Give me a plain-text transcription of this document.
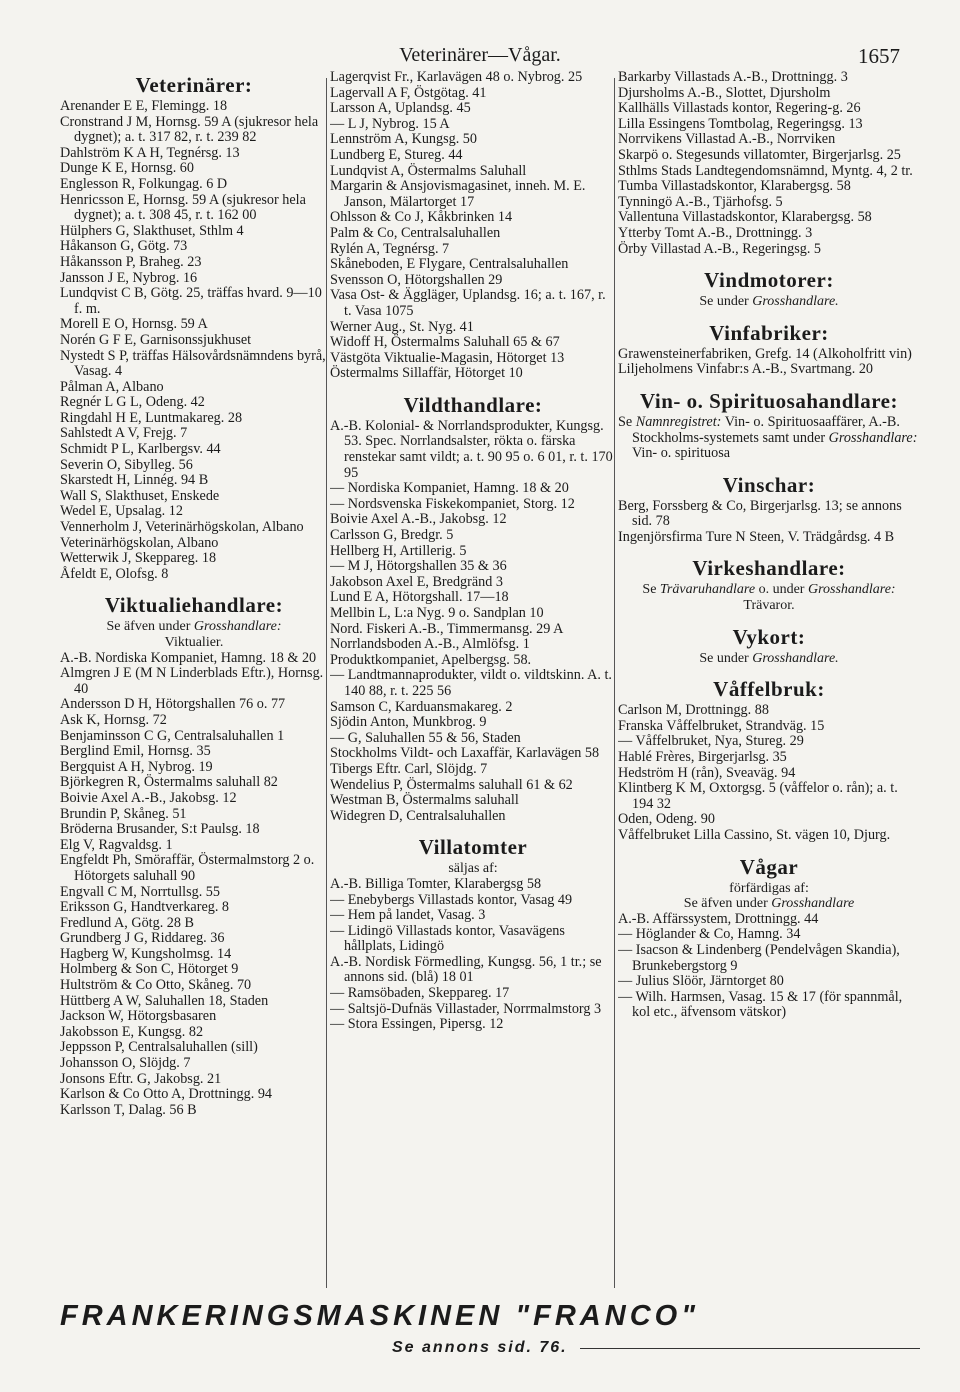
Veterinärer—Vågar.	1657
Veterinärer:
Arenander E E, Flemingg. 18
Cronstrand J M, Hornsg. 59 A (sjukresor hela dygnet); a. t. 317 82, r. t. 239 82
Dahlström K A H, Tegnérsg. 13
Dunge K E, Hornsg. 60
Englesson R, Folkungag. 6 D
Henricsson E, Hornsg. 59 A (sjukresor hela dygnet); a. t. 308 45, r. t. 162 00
Hülphers G, Slakthuset, Sthlm 4
Håkanson G, Götg. 73
Håkansson P, Braheg. 23
Jansson J E, Nybrog. 16
Lundqvist C B, Götg. 25, träffas hvard. 9—10 f. m.
Morell E O, Hornsg. 59 A
Norén G F E, Garnisonssjukhuset
Nystedt S P, träffas Hälsovårdsnämndens byrå, Vasag. 4
Pålman A, Albano
Regnér L G L, Odeng. 42
Ringdahl H E, Luntmakareg. 28
Sahlstedt A V, Frejg. 7
Schmidt P L, Karlbergsv. 44
Severin O, Sibylleg. 56
Skarstedt H, Linnég. 94 B
Wall S, Slakthuset, Enskede
Wedel E, Upsalag. 12
Vennerholm J, Veterinärhögskolan, Albano
Veterinärhögskolan, Albano
Wetterwik J, Skeppareg. 18
Åfeldt E, Olofsg. 8
Viktualiehandlare:
Se äfven under Grosshandlare:
Viktualier.
A.-B. Nordiska Kompaniet, Hamng. 18 & 20
Almgren J E (M N Linderblads Eftr.), Hornsg. 40
Andersson D H, Hötorgshallen 76 o. 77
Ask K, Hornsg. 72
Benjaminsson C G, Centralsaluhallen 1
Berglind Emil, Hornsg. 35
Bergquist A H, Nybrog. 19
Björkegren R, Östermalms saluhall 82
Boivie Axel A.-B., Jakobsg. 12
Brundin P, Skåneg. 51
Bröderna Brusander, S:t Paulsg. 18
Elg V, Ragvaldsg. 1
Engfeldt Ph, Smöraffär, Östermalmstorg 2 o. Hötorgets saluhall 90
Engvall C M, Norrtullsg. 55
Eriksson G, Handtverkareg. 8
Fredlund A, Götg. 28 B
Grundberg J G, Riddareg. 36
Hagberg W, Kungsholmsg. 14
Holmberg & Son C, Hötorget 9
Hultström & Co Otto, Skåneg. 70
Hüttberg A W, Saluhallen 18, Staden
Jackson W, Hötorgsbasaren
Jakobsson E, Kungsg. 82
Jeppsson P, Centralsaluhallen (sill)
Johansson O, Slöjdg. 7
Jonsons Eftr. G, Jakobsg. 21
Karlson & Co Otto A, Drottningg. 94
Karlsson T, Dalag. 56 B
Lagerqvist Fr., Karlavägen 48 o. Nybrog. 25
Lagervall A F, Östgötag. 41
Larsson A, Uplandsg. 45
— L J, Nybrog. 15 A
Lennström A, Kungsg. 50
Lundberg E, Stureg. 44
Lundqvist A, Östermalms Saluhall
Margarin & Ansjovismagasinet, inneh. M. E. Janson, Mälartorget 17
Ohlsson & Co J, Kåkbrinken 14
Palm & Co, Centralsaluhallen
Rylén A, Tegnérsg. 7
Skåneboden, E Flygare, Centralsaluhallen
Svensson O, Hötorgshallen 29
Vasa Ost- & Äggläger, Uplandsg. 16; a. t. 167, r. t. Vasa 1075
Werner Aug., St. Nyg. 41
Widoff H, Östermalms Saluhall 65 & 67
Västgöta Viktualie-Magasin, Hötorget 13
Östermalms Sillaffär, Hötorget 10
Vildthandlare:
A.-B. Kolonial- & Norrlandsprodukter, Kungsg. 53. Spec. Norrlandsalster, rökta o. färska renstekar samt vildt; a. t. 90 95 o. 6 01, r. t. 170 95
— Nordiska Kompaniet, Hamng. 18 & 20
— Nordsvenska Fiskekompaniet, Storg. 12
Boivie Axel A.-B., Jakobsg. 12
Carlsson G, Bredgr. 5
Hellberg H, Artillerig. 5
— M J, Hötorgshallen 35 & 36
Jakobson Axel E, Bredgränd 3
Lund E A, Hötorgshall. 17—18
Mellbin L, L:a Nyg. 9 o. Sandplan 10
Nord. Fiskeri A.-B., Timmermansg. 29 A
Norrlandsboden A.-B., Almlöfsg. 1
Produktkompaniet, Apelbergsg. 58.
— Landtmannaprodukter, vildt o. vildtskinn. A. t. 140 88, r. t. 225 56
Samson C, Karduansmakareg. 2
Sjödin Anton, Munkbrog. 9
— G, Saluhallen 55 & 56, Staden
Stockholms Vildt- och Laxaffär, Karlavägen 58
Tibergs Eftr. Carl, Slöjdg. 7
Wendelius P, Östermalms saluhall 61 & 62
Westman B, Östermalms saluhall
Widegren D, Centralsaluhallen
Villatomter
säljas af:
A.-B. Billiga Tomter, Klarabergsg 58
— Enebybergs Villastads kontor, Vasag 49
— Hem på landet, Vasag. 3
— Lidingö Villastads kontor, Vasavägens hållplats, Lidingö
A.-B. Nordisk Förmedling, Kungsg. 56, 1 tr.; se annons sid. (blå) 18 01
— Ramsöbaden, Skeppareg. 17
— Saltsjö-Dufnäs Villastader, Norrmalmstorg 3
— Stora Essingen, Pipersg. 12
Barkarby Villastads A.-B., Drottningg. 3
Djursholms A.-B., Slottet, Djursholm
Kallhälls Villastads kontor, Regering-g. 26
Lilla Essingens Tomtbolag, Regeringsg. 13
Norrvikens Villastad A.-B., Norrviken
Skarpö o. Stegesunds villatomter, Birgerjarlsg. 25
Sthlms Stads Landtegendomsnämnd, Myntg. 4, 2 tr.
Tumba Villastadskontor, Klarabergsg. 58
Tynningö A.-B., Tjärhofsg. 5
Vallentuna Villastadskontor, Klarabergsg. 58
Ytterby Tomt A.-B., Drottningg. 3
Örby Villastad A.-B., Regeringsg. 5
Vindmotorer:
Se under Grosshandlare.
Vinfabriker:
Grawensteinerfabriken, Grefg. 14 (Alkoholfritt vin)
Liljeholmens Vinfabr:s A.-B., Svartmang. 20
Vin- o. Spirituosahandlare:
Se Namnregistret: Vin- o. Spirituosaaffärer, A.-B. Stockholms-systemets samt under Grosshandlare: Vin- o. spirituosa
Vinschar:
Berg, Forssberg & Co, Birgerjarlsg. 13; se annons sid. 78
Ingenjörsfirma Ture N Steen, V. Trädgårdsg. 4 B
Virkeshandlare:
Se Trävaruhandlare o. under Grosshandlare: Trävaror.
Vykort:
Se under Grosshandlare.
Våffelbruk:
Carlson M, Drottningg. 88
Franska Våffelbruket, Strandväg. 15
— Våffelbruket, Nya, Stureg. 29
Hablé Frères, Birgerjarlsg. 35
Hedström H (rån), Sveaväg. 94
Klintberg K M, Oxtorgsg. 5 (våffelor o. rån); a. t. 194 32
Oden, Odeng. 90
Våffelbruket Lilla Cassino, St. vägen 10, Djurg.
Vågar
förfärdigas af:
Se äfven under Grosshandlare
A.-B. Affärssystem, Drottningg. 44
— Höglander & Co, Hamng. 34
— Isacson & Lindenberg (Pendelvågen Skandia), Brunkebergstorg 9
— Julius Slöör, Järntorget 80
— Wilh. Harmsen, Vasag. 15 & 17 (för spannmål, kol etc., äfvensom vätskor)
FRANKERINGSMASKINEN "FRANCO"
Se annons sid. 76.
